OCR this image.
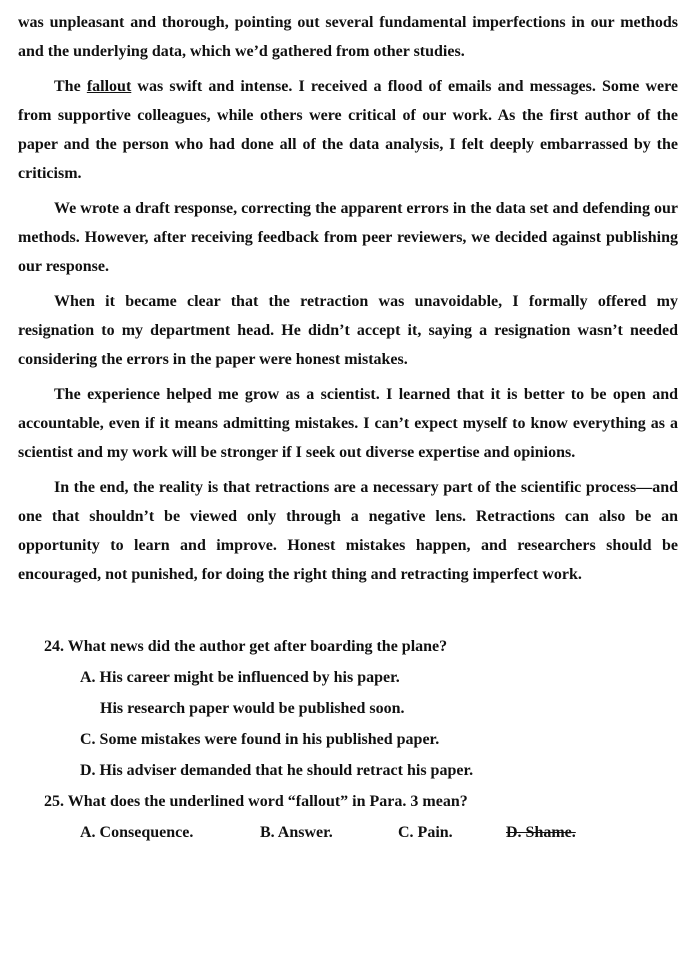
was unpleasant and thorough, pointing out several fundamental imperfections in our methods and the underlying data, which we’d gathered from other studies.

The fallout was swift and intense. I received a flood of emails and messages. Some were from supportive colleagues, while others were critical of our work. As the first author of the paper and the person who had done all of the data analysis, I felt deeply embarrassed by the criticism.

We wrote a draft response, correcting the apparent errors in the data set and defending our methods. However, after receiving feedback from peer reviewers, we decided against publishing our response.

When it became clear that the retraction was unavoidable, I formally offered my resignation to my department head. He didn’t accept it, saying a resignation wasn’t needed considering the errors in the paper were honest mistakes.

The experience helped me grow as a scientist. I learned that it is better to be open and accountable, even if it means admitting mistakes. I can’t expect myself to know everything as a scientist and my work will be stronger if I seek out diverse expertise and opinions.

In the end, the reality is that retractions are a necessary part of the scientific process—and one that shouldn’t be viewed only through a negative lens. Retractions can also be an opportunity to learn and improve. Honest mistakes happen, and researchers should be encouraged, not punished, for doing the right thing and retracting imperfect work.

24. What news did the author get after boarding the plane?

A. His career might be influenced by his paper.

His research paper would be published soon.

C. Some mistakes were found in his published paper.

D. His adviser demanded that he should retract his paper.

25. What does the underlined word “fallout” in Para. 3 mean?

A. Consequence.	B. Answer.	C. Pain.	D. Shame.
